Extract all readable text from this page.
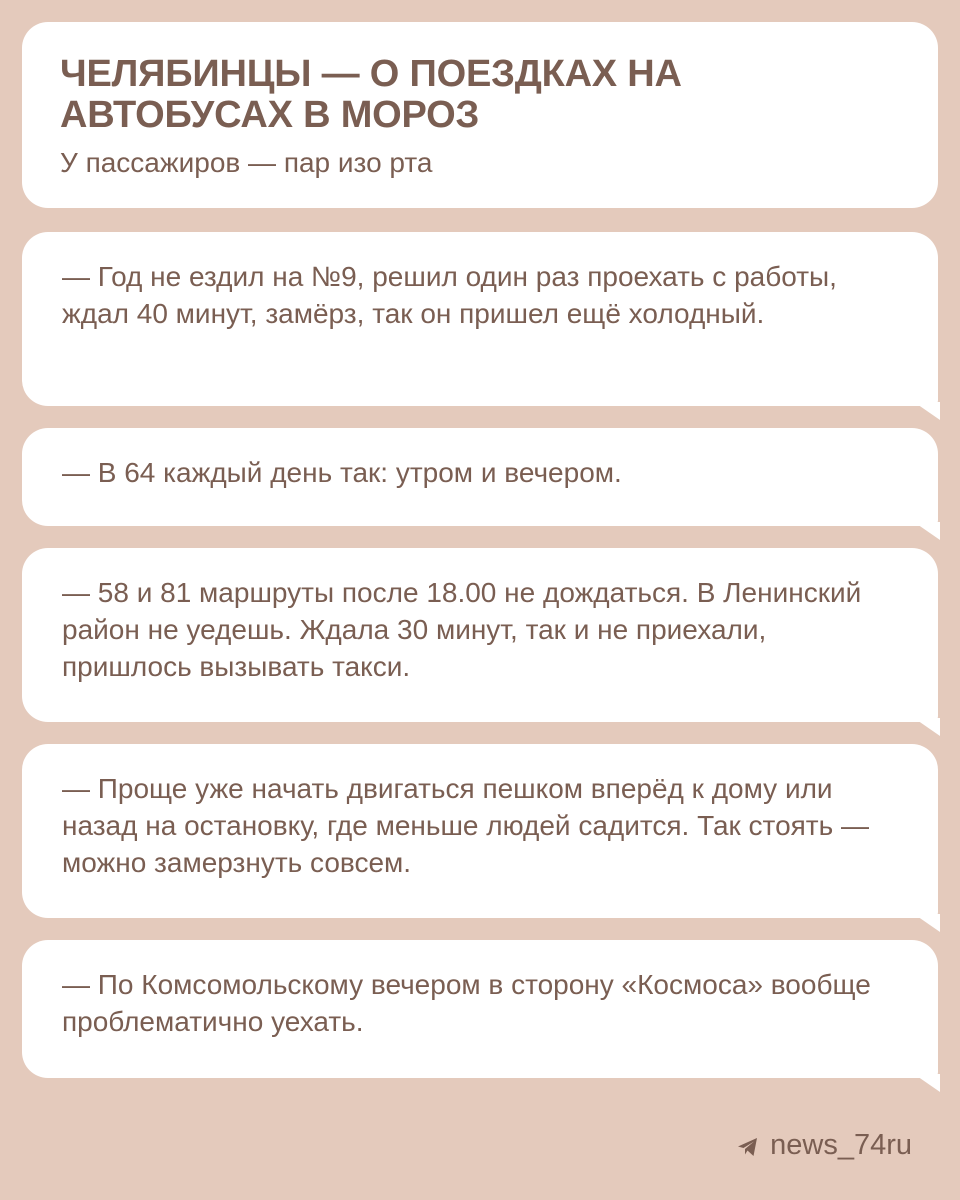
ЧЕЛЯБИНЦЫ — О ПОЕЗДКАХ НА АВТОБУСАХ В МОРОЗ
У пассажиров — пар изо рта
— Год не ездил на №9, решил один раз проехать с работы, ждал 40 минут, замёрз, так он пришел ещё холодный.
— В 64 каждый день так: утром и вечером.
— 58 и 81 маршруты после 18.00 не дождаться. В Ленинский район не уедешь. Ждала 30 минут, так и не приехали, пришлось вызывать такси.
— Проще уже начать двигаться пешком вперёд к дому или назад на остановку, где меньше людей садится. Так стоять — можно замерзнуть совсем.
— По Комсомольскому вечером в сторону «Космоса» вообще проблематично уехать.
news_74ru
